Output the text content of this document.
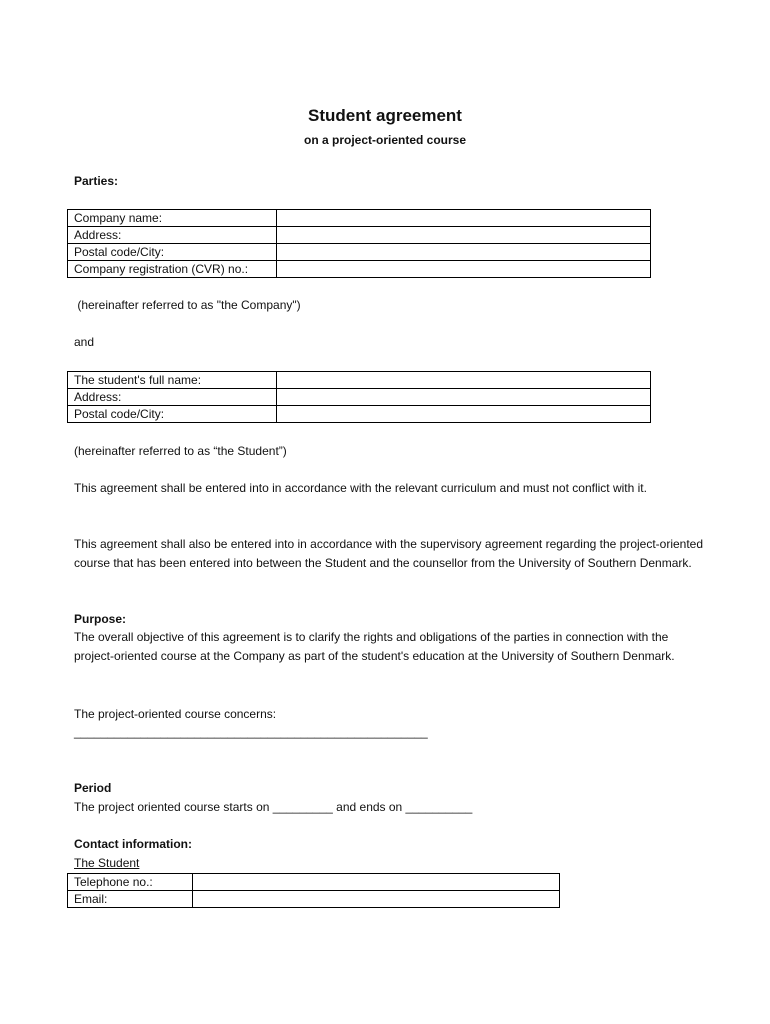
Student agreement
on a project-oriented course
Parties:
Company name:	
Address:	
Postal code/City:	
Company registration (CVR) no.:	
(hereinafter referred to as "the Company")
and
The student's full name:	
Address:	
Postal code/City:	
(hereinafter referred to as “the Student”)
This agreement shall be entered into in accordance with the relevant curriculum and must not conflict with it.
This agreement shall also be entered into in accordance with the supervisory agreement regarding the project-oriented course that has been entered into between the Student and the counsellor from the University of Southern Denmark.
Purpose:
The overall objective of this agreement is to clarify the rights and obligations of the parties in connection with the project-oriented course at the Company as part of the student's education at the University of Southern Denmark.
The project-oriented course concerns:
_____________________________________________________
Period
The project oriented course starts on _________ and ends on __________
Contact information:
The Student
Telephone no.:	
Email:	
